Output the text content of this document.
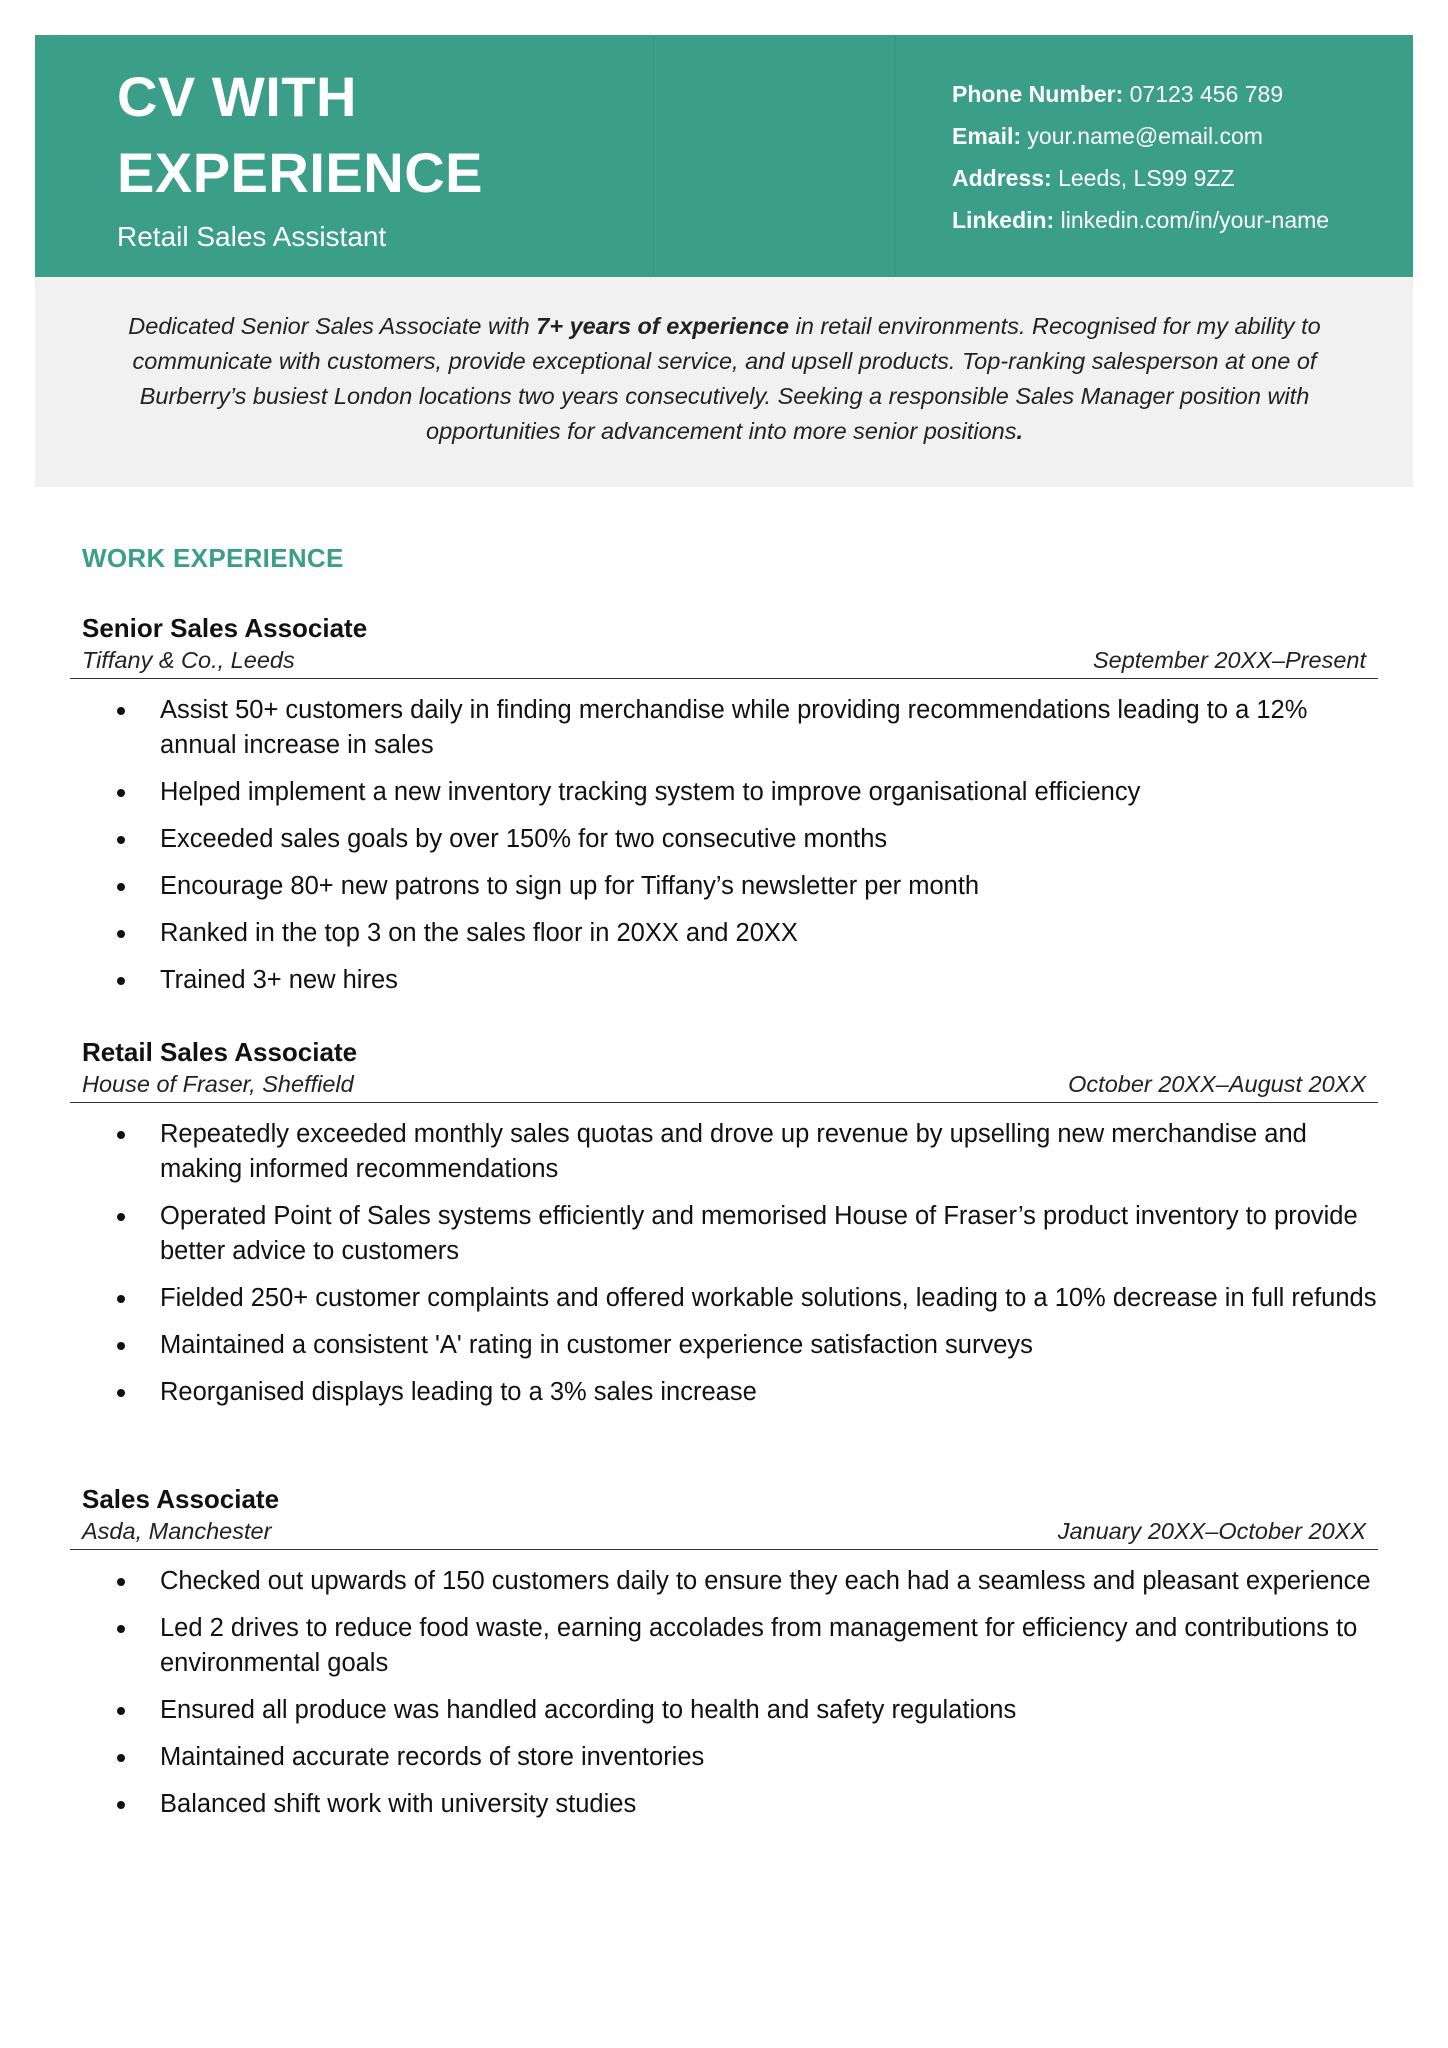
CV WITH
EXPERIENCE
Retail Sales Assistant
Phone Number: 07123 456 789
Email: your.name@email.com
Address: Leeds, LS99 9ZZ
Linkedin: linkedin.com/in/your-name
Dedicated Senior Sales Associate with 7+ years of experience in retail environments. Recognised for my ability to communicate with customers, provide exceptional service, and upsell products. Top-ranking salesperson at one of Burberry’s busiest London locations two years consecutively. Seeking a responsible Sales Manager position with opportunities for advancement into more senior positions.
WORK EXPERIENCE
Senior Sales Associate
Tiffany & Co., Leeds	September 20XX–Present
Assist 50+ customers daily in finding merchandise while providing recommendations leading to a 12% annual increase in sales
Helped implement a new inventory tracking system to improve organisational efficiency
Exceeded sales goals by over 150% for two consecutive months
Encourage 80+ new patrons to sign up for Tiffany’s newsletter per month
Ranked in the top 3 on the sales floor in 20XX and 20XX
Trained 3+ new hires
Retail Sales Associate
House of Fraser, Sheffield	October 20XX–August 20XX
Repeatedly exceeded monthly sales quotas and drove up revenue by upselling new merchandise and making informed recommendations
Operated Point of Sales systems efficiently and memorised House of Fraser’s product inventory to provide better advice to customers
Fielded 250+ customer complaints and offered workable solutions, leading to a 10% decrease in full refunds
Maintained a consistent 'A' rating in customer experience satisfaction surveys
Reorganised displays leading to a 3% sales increase
Sales Associate
Asda, Manchester	January 20XX–October 20XX
Checked out upwards of 150 customers daily to ensure they each had a seamless and pleasant experience
Led 2 drives to reduce food waste, earning accolades from management for efficiency and contributions to environmental goals
Ensured all produce was handled according to health and safety regulations
Maintained accurate records of store inventories
Balanced shift work with university studies
